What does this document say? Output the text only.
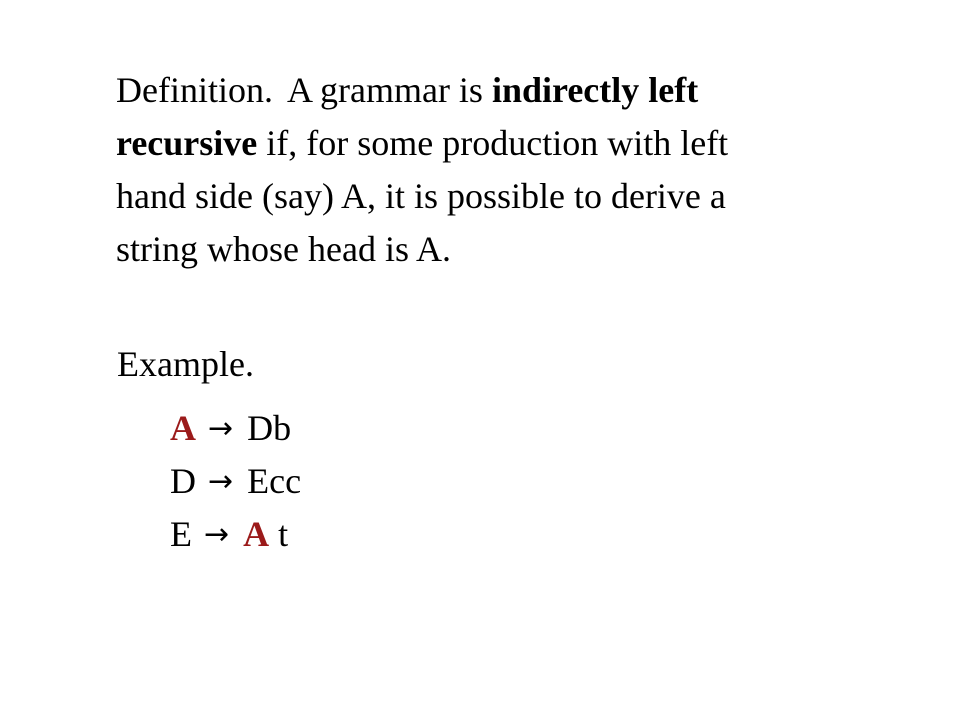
Definition. A grammar is indirectly left
recursive if, for some production with left
hand side (say) A, it is possible to derive a
string whose head is A.
Example.
A → Db
D → Ecc
E → A t
